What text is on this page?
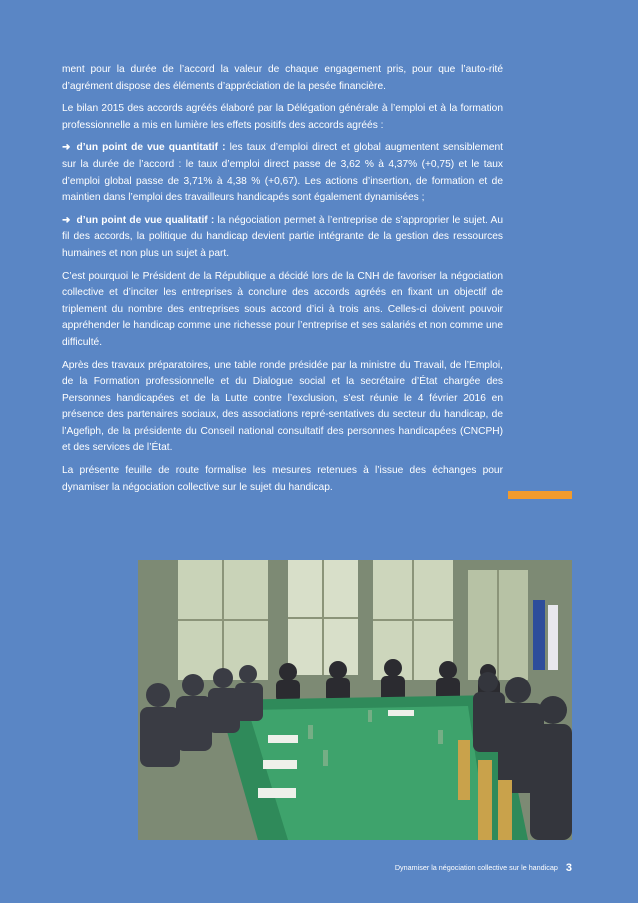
ment pour la durée de l’accord la valeur de chaque engagement pris, pour que l’auto-rité d’agrément dispose des éléments d’appréciation de la pesée financière.

Le bilan 2015 des accords agréés élaboré par la Délégation générale à l’emploi et à la formation professionnelle a mis en lumière les effets positifs des accords agréés :

➜ d’un point de vue quantitatif : les taux d’emploi direct et global augmentent sensiblement sur la durée de l’accord : le taux d’emploi direct passe de 3,62 % à 4,37% (+0,75) et le taux d’emploi global passe de 3,71% à 4,38 % (+0,67). Les actions d’insertion, de formation et de maintien dans l’emploi des travailleurs handicapés sont également dynamisées ;

➜ d’un point de vue qualitatif : la négociation permet à l’entreprise de s’approprier le sujet. Au fil des accords, la politique du handicap devient partie intégrante de la gestion des ressources humaines et non plus un sujet à part.

C’est pourquoi le Président de la République a décidé lors de la CNH de favoriser la négociation collective et d’inciter les entreprises à conclure des accords agréés en fixant un objectif de triplement du nombre des entreprises sous accord d’ici à trois ans. Celles-ci doivent pouvoir appréhender le handicap comme une richesse pour l’entreprise et ses salariés et non comme une difficulté.

Après des travaux préparatoires, une table ronde présidée par la ministre du Travail, de l’Emploi, de la Formation professionnelle et du Dialogue social et la secrétaire d’État chargée des Personnes handicapées et de la Lutte contre l’exclusion, s’est réunie le 4 février 2016 en présence des partenaires sociaux, des associations repré-sentatives du secteur du handicap, de l’Agefiph, de la présidente du Conseil national consultatif des personnes handicapées (CNCPH) et des services de l’État.

La présente feuille de route formalise les mesures retenues à l’issue des échanges pour dynamiser la négociation collective sur le sujet du handicap.

Dynamiser la négociation collective sur le handicap 3
